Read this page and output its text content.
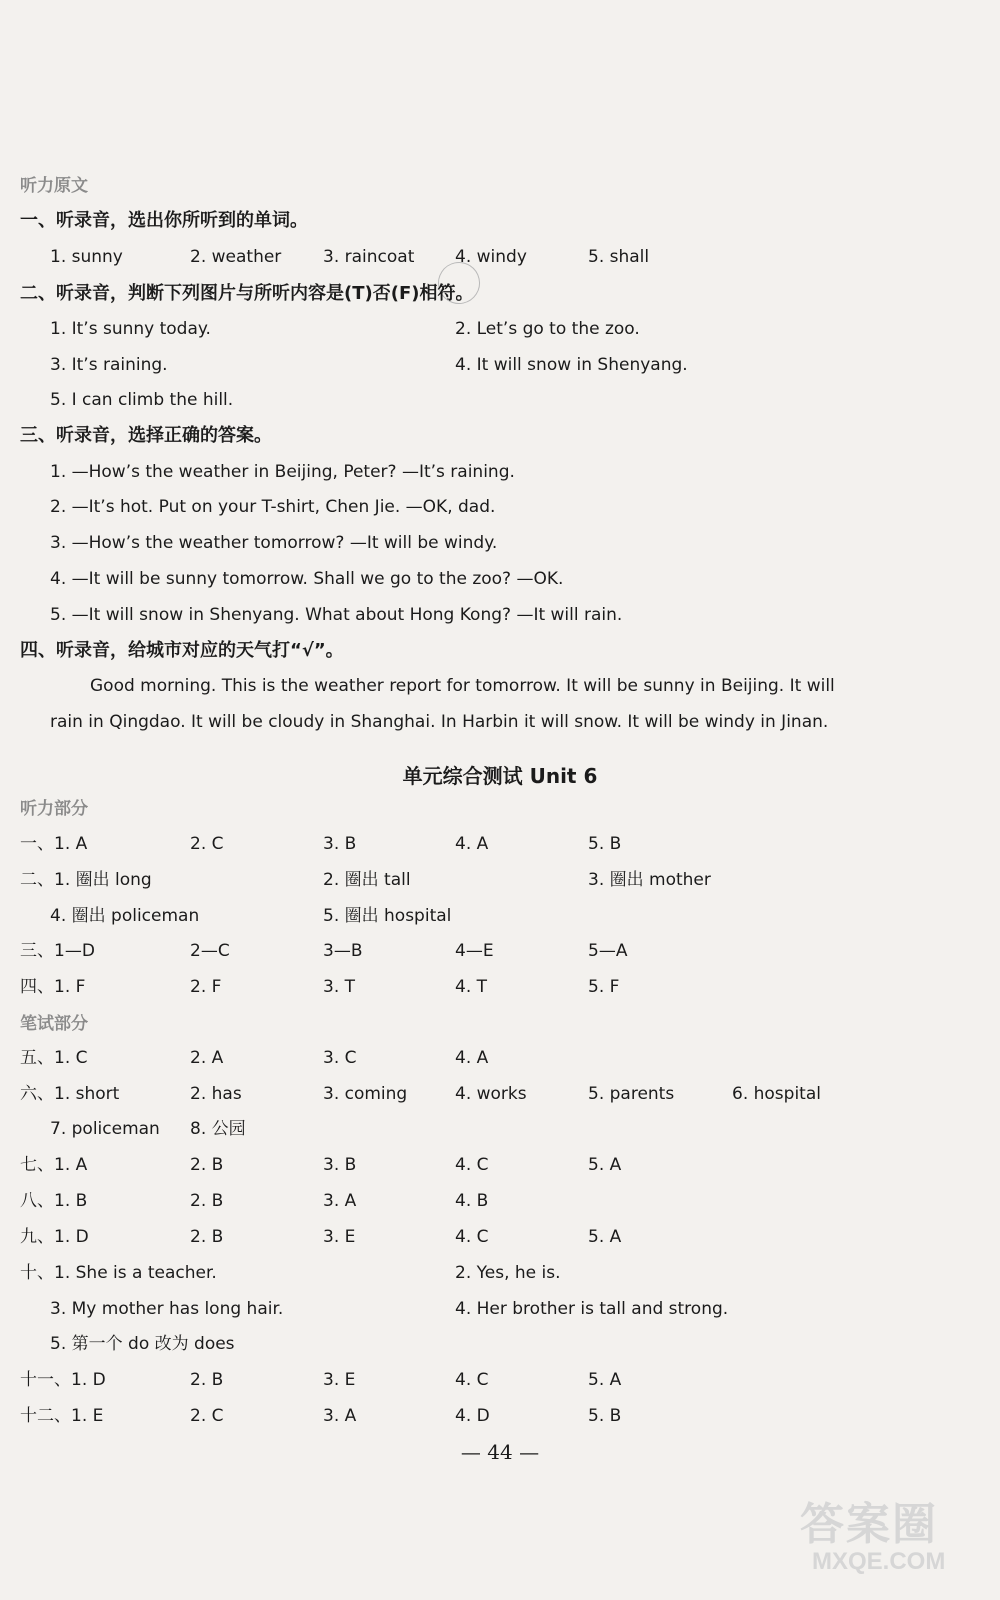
听力原文
一、听录音，选出你所听到的单词。
1. sunny	2. weather 3. raincoat 4. windy	5. shall
二、听录音，判断下列图片与所听内容是(T)否(F)相符。
1. It’s sunny today.	2. Let’s go to the zoo.
3. It’s raining.	4. It will snow in Shenyang.
5. I can climb the hill.
三、听录音，选择正确的答案。
1. —How’s the weather in Beijing, Peter? —It’s raining.
2. —It’s hot. Put on your T-shirt, Chen Jie. —OK, dad.
3. —How’s the weather tomorrow? —It will be windy.
4. —It will be sunny tomorrow. Shall we go to the zoo? —OK.
5. —It will snow in Shenyang. What about Hong Kong? —It will rain.
四、听录音，给城市对应的天气打“√”。
Good morning. This is the weather report for tomorrow. It will be sunny in Beijing. It will rain in Qingdao. It will be cloudy in Shanghai. In Harbin it will snow. It will be windy in Jinan.
单元综合测试 Unit 6
听力部分
一、1. A	2. C	3. B	4. A	5. B
二、1. 圈出 long	2. 圈出 tall	3. 圈出 mother
4. 圈出 policeman	5. 圈出 hospital
三、1—D	2—C	3—B	4—E	5—A
四、1. F	2. F	3. T	4. T	5. F
笔试部分
五、1. C	2. A	3. C	4. A
六、1. short	2. has	3. coming	4. works	5. parents	6. hospital
7. policeman 8. 公园
七、1. A	2. B	3. B	4. C	5. A
八、1. B	2. B	3. A	4. B
九、1. D	2. B	3. E	4. C	5. A
十、1. She is a teacher.	2. Yes, he is.
3. My mother has long hair.	4. Her brother is tall and strong.
5. 第一个 do 改为 does
十一、1. D	2. B	3. E	4. C	5. A
十二、1. E	2. C	3. A	4. D	5. B
— 44 —
答案圈
MXQE.COM
